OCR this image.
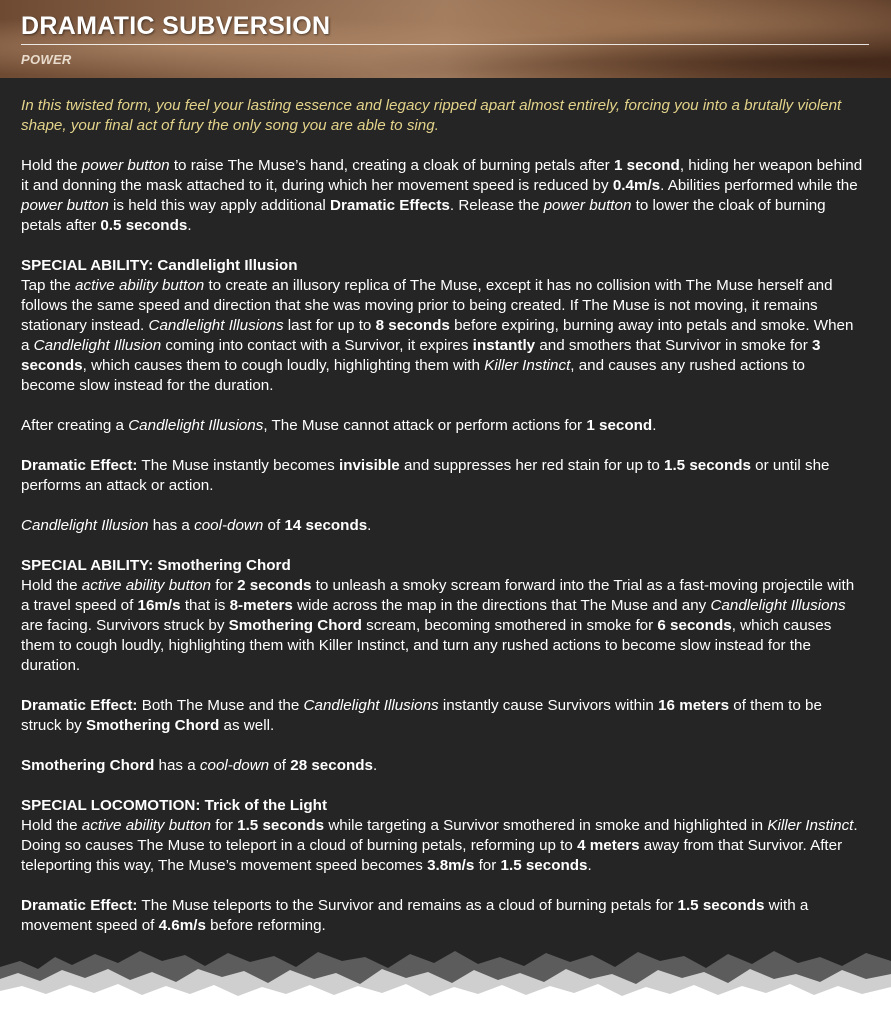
DRAMATIC SUBVERSION
POWER

In this twisted form, you feel your lasting essence and legacy ripped apart almost entirely, forcing you into a brutally violent shape, your final act of fury the only song you are able to sing.

Hold the power button to raise The Muse’s hand, creating a cloak of burning petals after 1 second, hiding her weapon behind it and donning the mask attached to it, during which her movement speed is reduced by 0.4m/s. Abilities performed while the power button is held this way apply additional Dramatic Effects. Release the power button to lower the cloak of burning petals after 0.5 seconds.

SPECIAL ABILITY: Candlelight Illusion
Tap the active ability button to create an illusory replica of The Muse, except it has no collision with The Muse herself and follows the same speed and direction that she was moving prior to being created. If The Muse is not moving, it remains stationary instead. Candlelight Illusions last for up to 8 seconds before expiring, burning away into petals and smoke. When a Candlelight Illusion coming into contact with a Survivor, it expires instantly and smothers that Survivor in smoke for 3 seconds, which causes them to cough loudly, highlighting them with Killer Instinct, and causes any rushed actions to become slow instead for the duration.

After creating a Candlelight Illusions, The Muse cannot attack or perform actions for 1 second.

Dramatic Effect: The Muse instantly becomes invisible and suppresses her red stain for up to 1.5 seconds or until she performs an attack or action.

Candlelight Illusion has a cool-down of 14 seconds.

SPECIAL ABILITY: Smothering Chord
Hold the active ability button for 2 seconds to unleash a smoky scream forward into the Trial as a fast-moving projectile with a travel speed of 16m/s that is 8-meters wide across the map in the directions that The Muse and any Candlelight Illusions are facing. Survivors struck by Smothering Chord scream, becoming smothered in smoke for 6 seconds, which causes them to cough loudly, highlighting them with Killer Instinct, and turn any rushed actions to become slow instead for the duration.

Dramatic Effect: Both The Muse and the Candlelight Illusions instantly cause Survivors within 16 meters of them to be struck by Smothering Chord as well.

Smothering Chord has a cool-down of 28 seconds.

SPECIAL LOCOMOTION: Trick of the Light
Hold the active ability button for 1.5 seconds while targeting a Survivor smothered in smoke and highlighted in Killer Instinct. Doing so causes The Muse to teleport in a cloud of burning petals, reforming up to 4 meters away from that Survivor. After teleporting this way, The Muse’s movement speed becomes 3.8m/s for 1.5 seconds.

Dramatic Effect: The Muse teleports to the Survivor and remains as a cloud of burning petals for 1.5 seconds with a movement speed of 4.6m/s before reforming.
